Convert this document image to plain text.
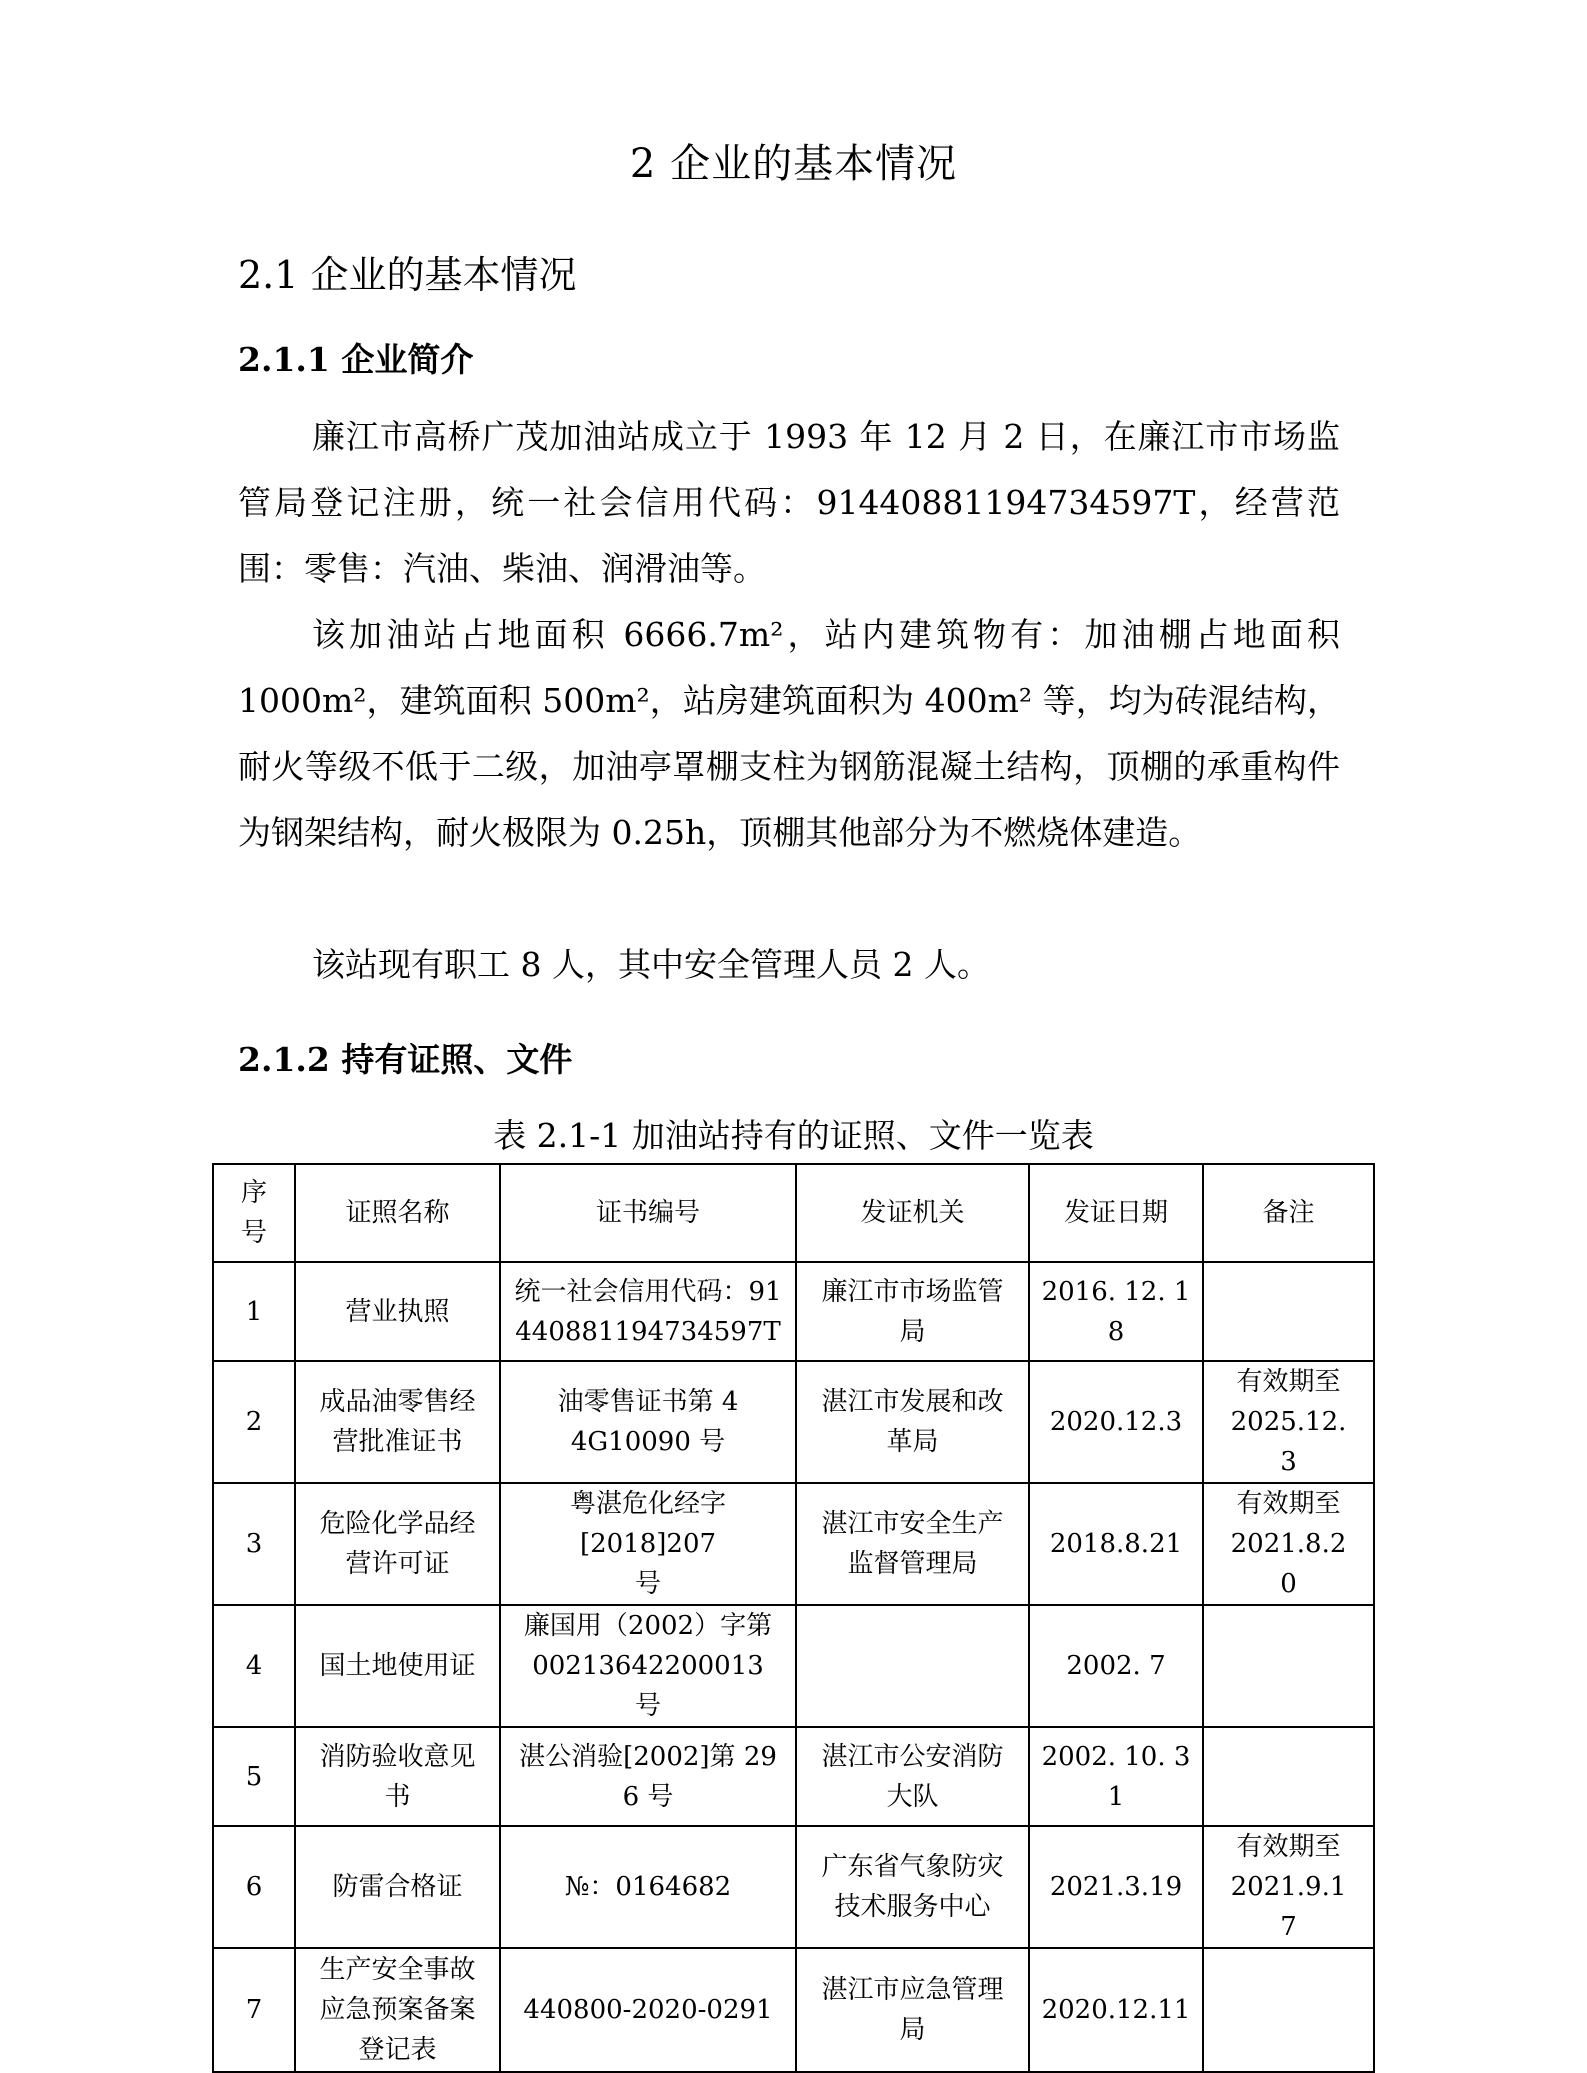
2 企业的基本情况
2.1 企业的基本情况
2.1.1 企业简介
廉江市高桥广茂加油站成立于 1993 年 12 月 2 日，在廉江市市场监管局登记注册，统一社会信用代码：91440881194734597T，经营范围：零售：汽油、柴油、润滑油等。
该加油站占地面积 6666.7m²，站内建筑物有：加油棚占地面积 1000m²，建筑面积 500m²，站房建筑面积为 400m² 等，均为砖混结构，耐火等级不低于二级，加油亭罩棚支柱为钢筋混凝土结构，顶棚的承重构件为钢架结构，耐火极限为 0.25h，顶棚其他部分为不燃烧体建造。
该站现有职工 8 人，其中安全管理人员 2 人。
2.1.2 持有证照、文件
表 2.1-1 加油站持有的证照、文件一览表
序号	证照名称	证书编号	发证机关	发证日期	备注
1	营业执照	统一社会信用代码：91440881194734597T	廉江市市场监管局	2016. 12. 18	
2	成品油零售经营批准证书	油零售证书第 44G10090 号	湛江市发展和改革局	2020.12.3	有效期至 2025.12.3
3	危险化学品经营许可证	粤湛危化经字 [2018]207 号	湛江市安全生产监督管理局	2018.8.21	有效期至 2021.8.20
4	国土地使用证	廉国用（2002）字第 00213642200013 号		2002. 7	
5	消防验收意见书	湛公消验[2002]第 296 号	湛江市公安消防大队	2002. 10. 31	
6	防雷合格证	№：0164682	广东省气象防灾技术服务中心	2021.3.19	有效期至 2021.9.17
7	生产安全事故应急预案备案登记表	440800-2020-0291	湛江市应急管理局	2020.12.11	
